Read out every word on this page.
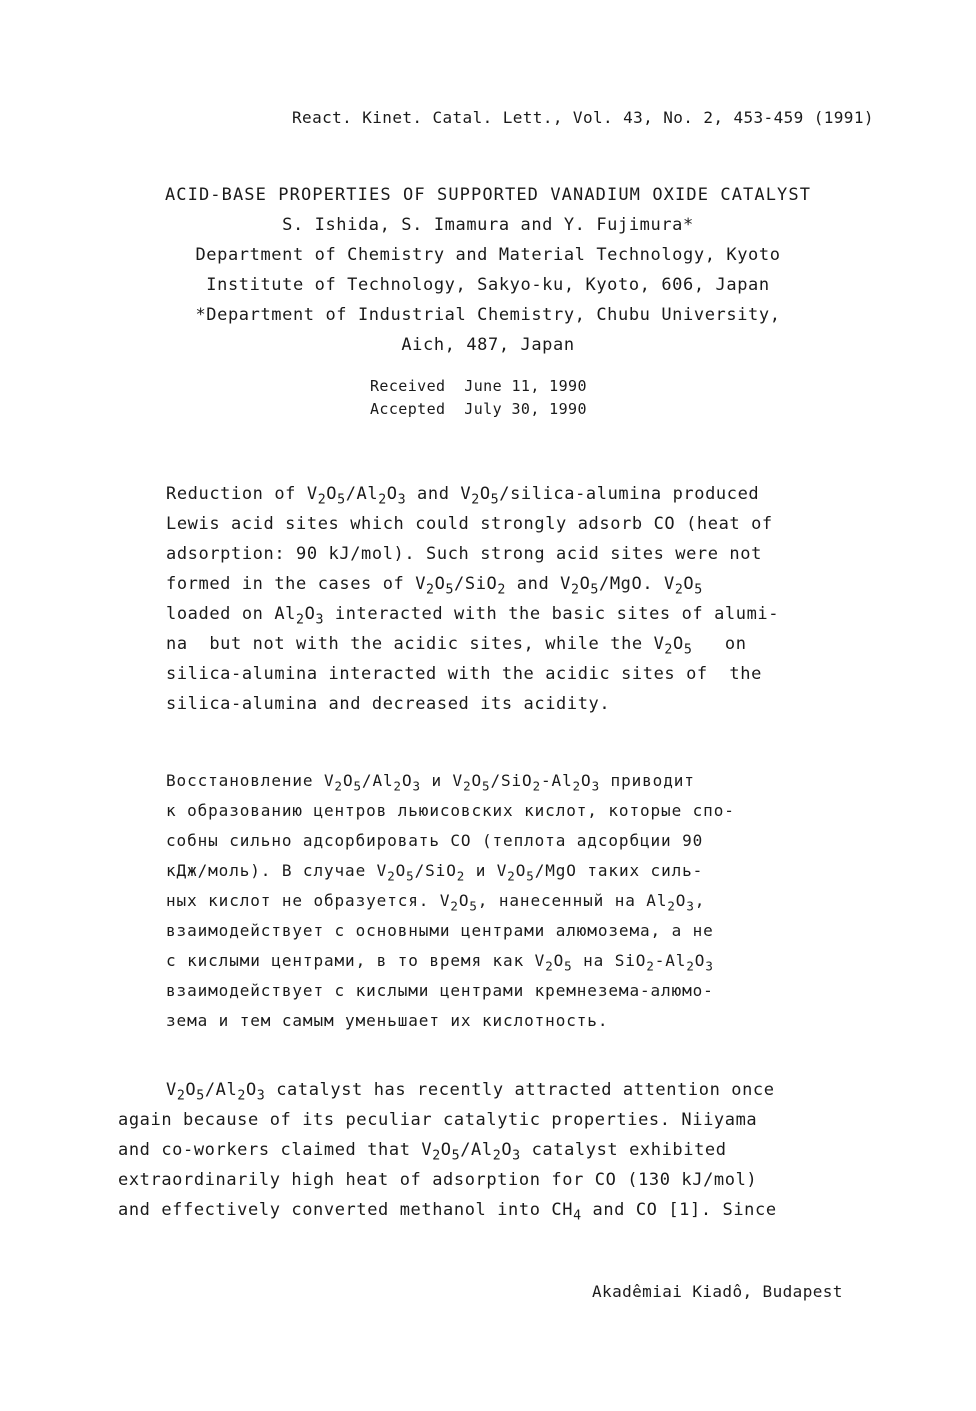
React. Kinet. Catal. Lett., Vol. 43, No. 2, 453-459 (1991)
ACID-BASE PROPERTIES OF SUPPORTED VANADIUM OXIDE CATALYST
S. Ishida, S. Imamura and Y. Fujimura*
Department of Chemistry and Material Technology, Kyoto
Institute of Technology, Sakyo-ku, Kyoto, 606, Japan
*Department of Industrial Chemistry, Chubu University,
Aich, 487, Japan
Received  June 11, 1990
Accepted  July 30, 1990
Reduction of $V_2O_5/Al_2O_3$ and $V_2O_5/silica$-alumina produced
Lewis acid sites which could strongly adsorb CO (heat of
adsorption: 90 kJ/mol). Such strong acid sites were not
formed in the cases of $V_2O_5/SiO_2$ and $V_2O_5$/MgO. $V_2O_5$
loaded on $Al_2O_3$ interacted with the basic sites of alumi-
na  but not with the acidic sites, while the $V_2O_5$   on
silica-alumina interacted with the acidic sites of  the
silica-alumina and decreased its acidity.
Восстановление $V_2O_5/Al_2O_3$ и $V_2O_5/SiO_2-Al_2O_3$ приводит
к образованию центров льюисовских кислот, которые спо-
собны сильно адсорбировать CO (теплота адсорбции 90
кДж/моль). В случае $V_2O_5/SiO_2$ и $V_2O_5$/MgO таких силь-
ных кислот не образуется. $V_2O_5$, нанесенный на $Al_2O_3$,
взаимодействует с основными центрами алюмозема, а не
с кислыми центрами, в то время как $V_2O_5$ на $SiO_2-Al_2O_3$
взаимодействует с кислыми центрами кремнезема-алюмо-
зема и тем самым уменьшает их кислотность.
$V_2O_5/Al_2O_3$ catalyst has recently attracted attention once
again because of its peculiar catalytic properties. Niiyama
and co-workers claimed that $V_2O_5/Al_2O_3$ catalyst exhibited
extraordinarily high heat of adsorption for CO (130 kJ/mol)
and effectively converted methanol into $CH_4$ and CO [1]. Since
Akadêmiai Kiadô, Budapest
